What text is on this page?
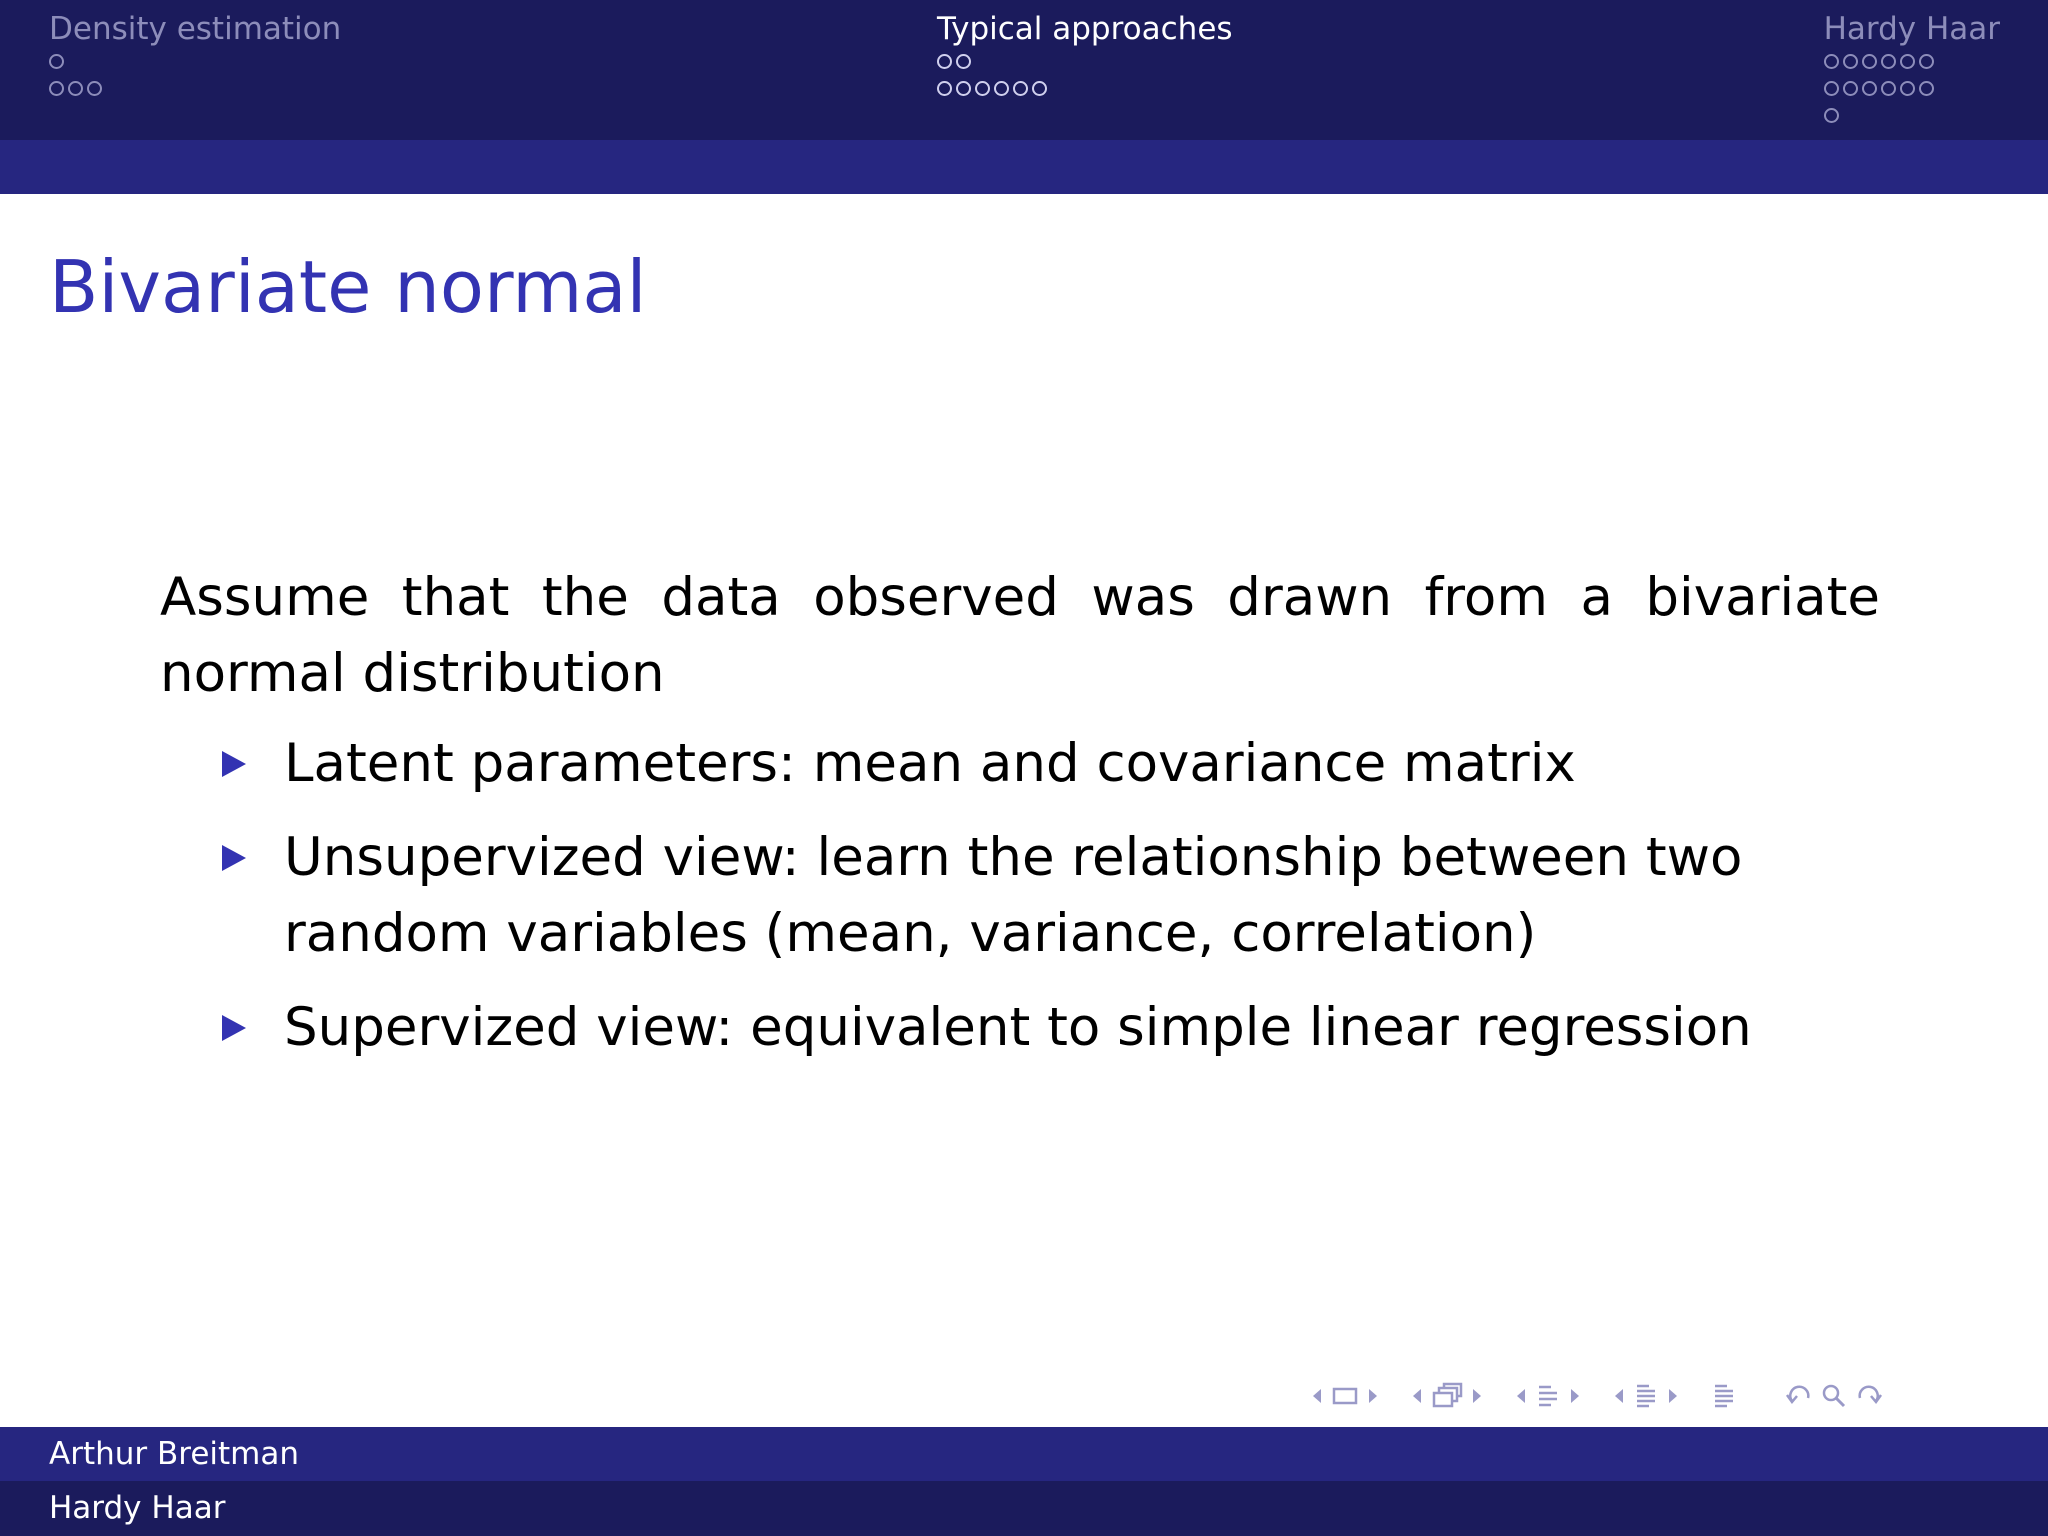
Density estimation	Typical approaches	Hardy Haar
Bivariate normal

Assume that the data observed was drawn from a bivariate normal distribution

Latent parameters: mean and covariance matrix
Unsupervized view: learn the relationship between two random variables (mean, variance, correlation)
Supervized view: equivalent to simple linear regression
Arthur Breitman
Hardy Haar
